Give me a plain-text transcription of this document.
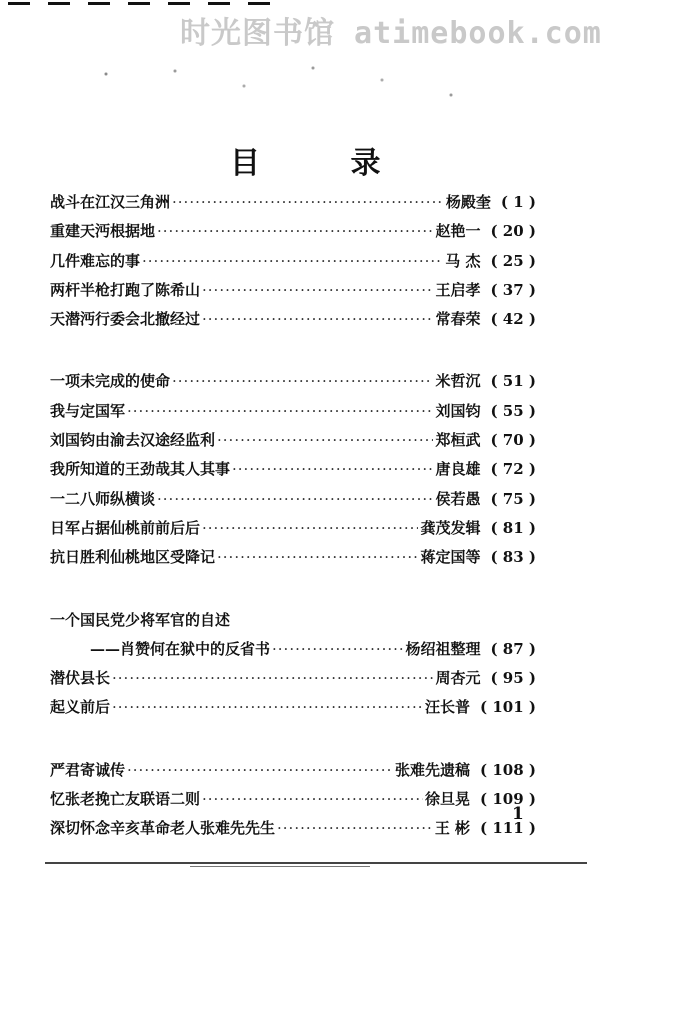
时光图书馆 atimebook.com
目 录
战斗在江汉三角洲 ·····	杨殿奎 ( 1 )
重建天沔根据地 ·····	赵艳一 ( 20 )
几件难忘的事 ·····	马 杰 ( 25 )
两杆半枪打跑了陈希山 ·····	王启孝 ( 37 )
天潜沔行委会北撤经过 ·····	常春荣 ( 42 )
一项未完成的使命 ·····	米哲沉 ( 51 )
我与定国军 ·····	刘国钧 ( 55 )
刘国钧由渝去汉途经监利 ·····	郑桓武 ( 70 )
我所知道的王劲哉其人其事 ·····	唐良雄 ( 72 )
一二八师纵横谈 ·····	侯若愚 ( 75 )
日军占据仙桃前前后后 ·····	龚茂发辑 ( 81 )
抗日胜利仙桃地区受降记 ·····	蒋定国等 ( 83 )
一个国民党少将军官的自述
——肖赞何在狱中的反省书 ·····	杨绍祖整理 ( 87 )
潜伏县长 ·····	周杏元 ( 95 )
起义前后 ·····	汪长普 ( 101 )
严君寄诚传 ·····	张难先遗稿 ( 108 )
忆张老挽亡友联语二则 ·····	徐旦晃 ( 109 )
深切怀念辛亥革命老人张难先先生 ·····	王 彬 ( 111 )
1
